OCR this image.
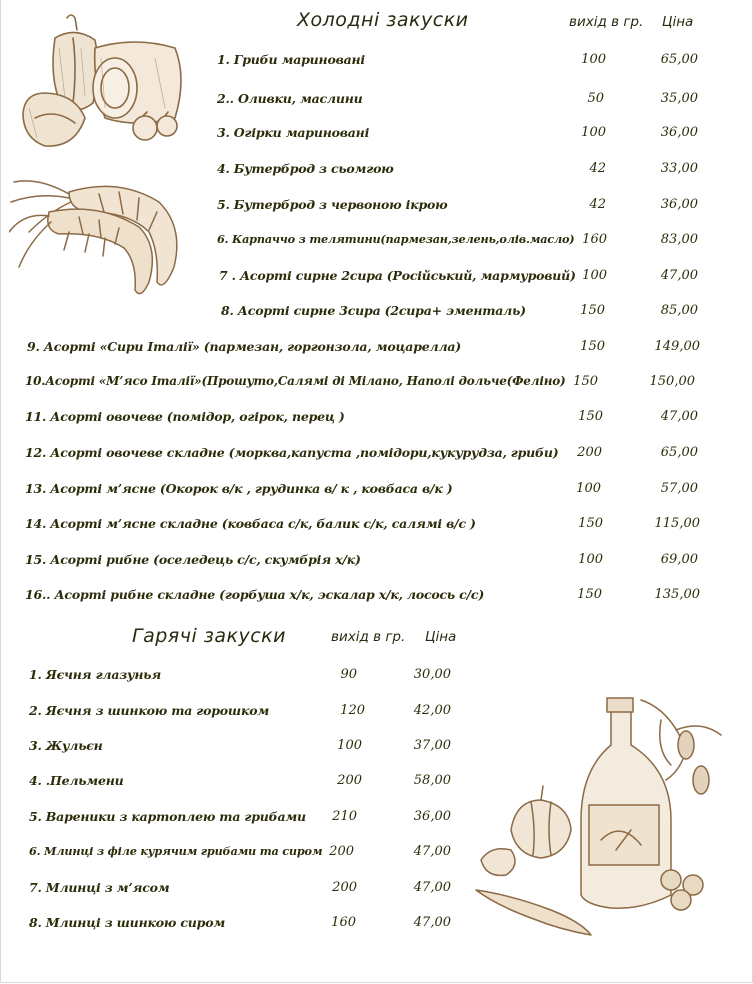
Холодні закуски	вихід в гр. Ціна
1. Гриби мариновані	100	65,00
2.. Оливки, маслини	50	35,00
3. Огірки мариновані	100	36,00
4. Бутерброд з сьомгою	42	33,00
5. Бутерброд з червоною ікрою	42	36,00
6. Карпаччо з телятини(пармезан,зелень,олів.масло) 160	83,00
7 . Асорті сирне 2сира (Російський, мармуровий) 100	47,00
8. Асорті сирне 3сира (2сира+ эменталь)	150	85,00
9. Асорті «Сири Італії» (пармезан, горгонзола, моцарелла)	150	149,00
10.Асорті «М’ясо Італії»(Прошуто,Салямі ді Мілано, Наполі дольче(Феліно) 150	150,00
11. Асорті овочеве (помідор, огірок, перец )	150	47,00
12. Асорті овочеве складне (морква,капуста ,помідори,кукурудза, гриби) 200	65,00
13. Асорті м’ясне (Окорок в/к , грудинка в/ к , ковбаса в/к )	100	57,00
14. Асорті м’ясне складне (ковбаса с/к, балик с/к, салямі в/с )	150	115,00
15. Асорті рибне (оселедець с/с, скумбрія х/к)	100	69,00
16.. Асорті рибне складне (горбуша х/к, эскалар х/к, лосось с/с)	150	135,00
Гарячі закуски	вихід в гр. Ціна
1. Яєчня глазунья	90	30,00
2. Яєчня з шинкою та горошком	120	42,00
3. Жульєн	100	37,00
4. .Пельмени	200	58,00
5. Вареники з картоплею та грибами 210	36,00
6. Млинці з філе курячим грибами та сиром 200	47,00
7. Млинці з м’ясом	200	47,00
8. Млинці з шинкою сиром	160	47,00
